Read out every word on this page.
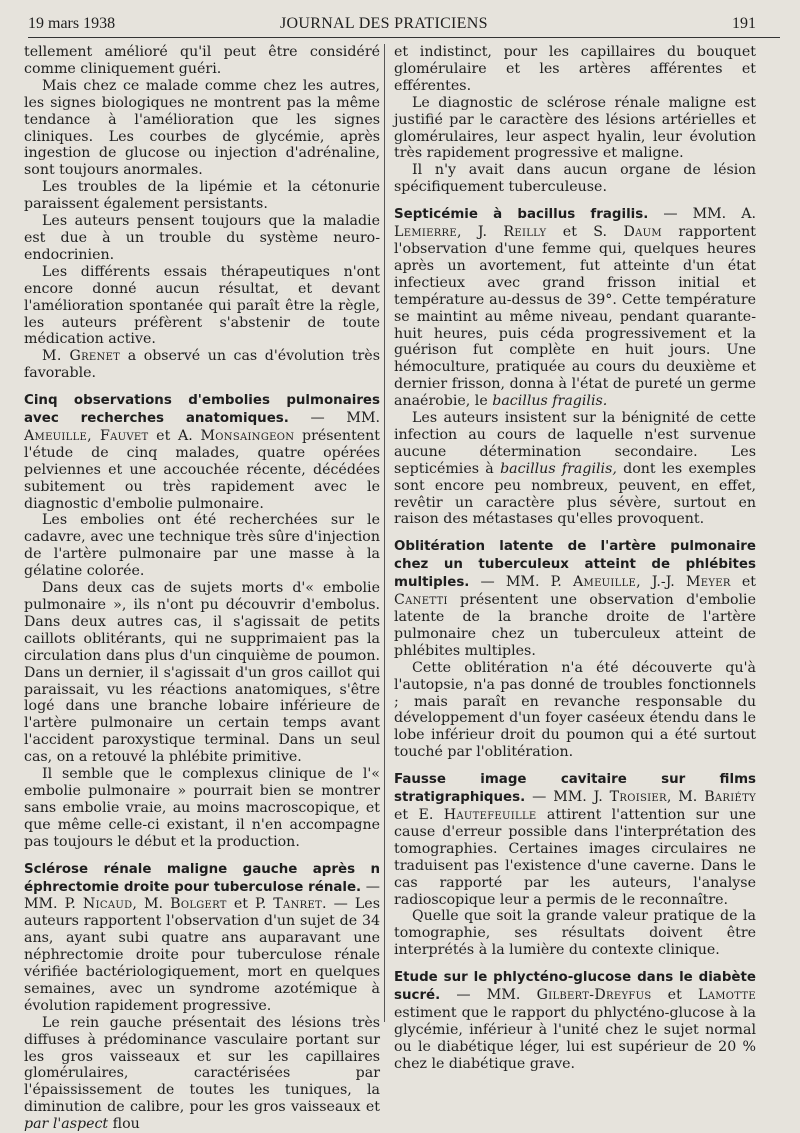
19 mars 1938	JOURNAL DES PRATICIENS	191

tellement amélioré qu'il peut être considéré comme cliniquement guéri.

Mais chez ce malade comme chez les autres, les signes biologiques ne montrent pas la même tendance à l'amélioration que les signes cliniques. Les courbes de glycémie, après ingestion de glucose ou injection d'adrénaline, sont toujours anormales.

Les troubles de la lipémie et la cétonurie paraissent également persistants.

Les auteurs pensent toujours que la maladie est due à un trouble du système neuro-endocrinien.

Les différents essais thérapeutiques n'ont encore donné aucun résultat, et devant l'amélioration spontanée qui paraît être la règle, les auteurs préfèrent s'abstenir de toute médication active.

M. Grenet a observé un cas d'évolution très favorable.

Cinq observations d'embolies pulmonaires avec recherches anatomiques. — MM. Ameuille, Fauvet et A. Monsaingeon présentent l'étude de cinq malades, quatre opérées pelviennes et une accouchée récente, décédées subitement ou très rapidement avec le diagnostic d'embolie pulmonaire.

Les embolies ont été recherchées sur le cadavre, avec une technique très sûre d'injection de l'artère pulmonaire par une masse à la gélatine colorée.

Dans deux cas de sujets morts d'« embolie pulmonaire », ils n'ont pu découvrir d'embolus. Dans deux autres cas, il s'agissait de petits caillots oblitérants, qui ne supprimaient pas la circulation dans plus d'un cinquième de poumon. Dans un dernier, il s'agissait d'un gros caillot qui paraissait, vu les réactions anatomiques, s'être logé dans une branche lobaire inférieure de l'artère pulmonaire un certain temps avant l'accident paroxystique terminal. Dans un seul cas, on a retouvé la phlébite primitive.

Il semble que le complexus clinique de l'« embolie pulmonaire » pourrait bien se montrer sans embolie vraie, au moins macroscopique, et que même celle-ci existant, il n'en accompagne pas toujours le début et la production.

Sclérose rénale maligne gauche après n éphrectomie droite pour tuberculose rénale. — MM. P. Nicaud, M. Bolgert et P. Tanret. — Les auteurs rapportent l'observation d'un sujet de 34 ans, ayant subi quatre ans auparavant une néphrectomie droite pour tuberculose rénale vérifiée bactériologiquement, mort en quelques semaines, avec un syndrome azotémique à évolution rapidement progressive.

Le rein gauche présentait des lésions très diffuses à prédominance vasculaire portant sur les gros vaisseaux et sur les capillaires glomérulaires, caractérisées par l'épaississement de toutes les tuniques, la diminution de calibre, pour les gros vaisseaux et par l'aspect flou

et indistinct, pour les capillaires du bouquet glomérulaire et les artères afférentes et efférentes.

Le diagnostic de sclérose rénale maligne est justifié par le caractère des lésions artérielles et glomérulaires, leur aspect hyalin, leur évolution très rapidement progressive et maligne.

Il n'y avait dans aucun organe de lésion spécifiquement tuberculeuse.

Septicémie à bacillus fragilis. — MM. A. Lemierre, J. Reilly et S. Daum rapportent l'observation d'une femme qui, quelques heures après un avortement, fut atteinte d'un état infectieux avec grand frisson initial et température au-dessus de 39°. Cette température se maintint au même niveau, pendant quarante-huit heures, puis céda progressivement et la guérison fut complète en huit jours. Une hémoculture, pratiquée au cours du deuxième et dernier frisson, donna à l'état de pureté un germe anaérobie, le bacillus fragilis.

Les auteurs insistent sur la bénignité de cette infection au cours de laquelle n'est survenue aucune détermination secondaire. Les septicémies à bacillus fragilis, dont les exemples sont encore peu nombreux, peuvent, en effet, revêtir un caractère plus sévère, surtout en raison des métastases qu'elles provoquent.

Oblitération latente de l'artère pulmonaire chez un tuberculeux atteint de phlébites multiples. — MM. P. Ameuille, J.-J. Meyer et Canetti présentent une observation d'embolie latente de la branche droite de l'artère pulmonaire chez un tuberculeux atteint de phlébites multiples.

Cette oblitération n'a été découverte qu'à l'autopsie, n'a pas donné de troubles fonctionnels ; mais paraît en revanche responsable du développement d'un foyer caséeux étendu dans le lobe inférieur droit du poumon qui a été surtout touché par l'oblitération.

Fausse image cavitaire sur films stratigraphiques. — MM. J. Troisier, M. Bariéty et E. Hautefeuille attirent l'attention sur une cause d'erreur possible dans l'interprétation des tomographies. Certaines images circulaires ne traduisent pas l'existence d'une caverne. Dans le cas rapporté par les auteurs, l'analyse radioscopique leur a permis de le reconnaître.

Quelle que soit la grande valeur pratique de la tomographie, ses résultats doivent être interprétés à la lumière du contexte clinique.

Etude sur le phlycténo-glucose dans le diabète sucré. — MM. Gilbert-Dreyfus et Lamotte estiment que le rapport du phlycténo-glucose à la glycémie, inférieur à l'unité chez le sujet normal ou le diabétique léger, lui est supérieur de 20 % chez le diabétique grave.
